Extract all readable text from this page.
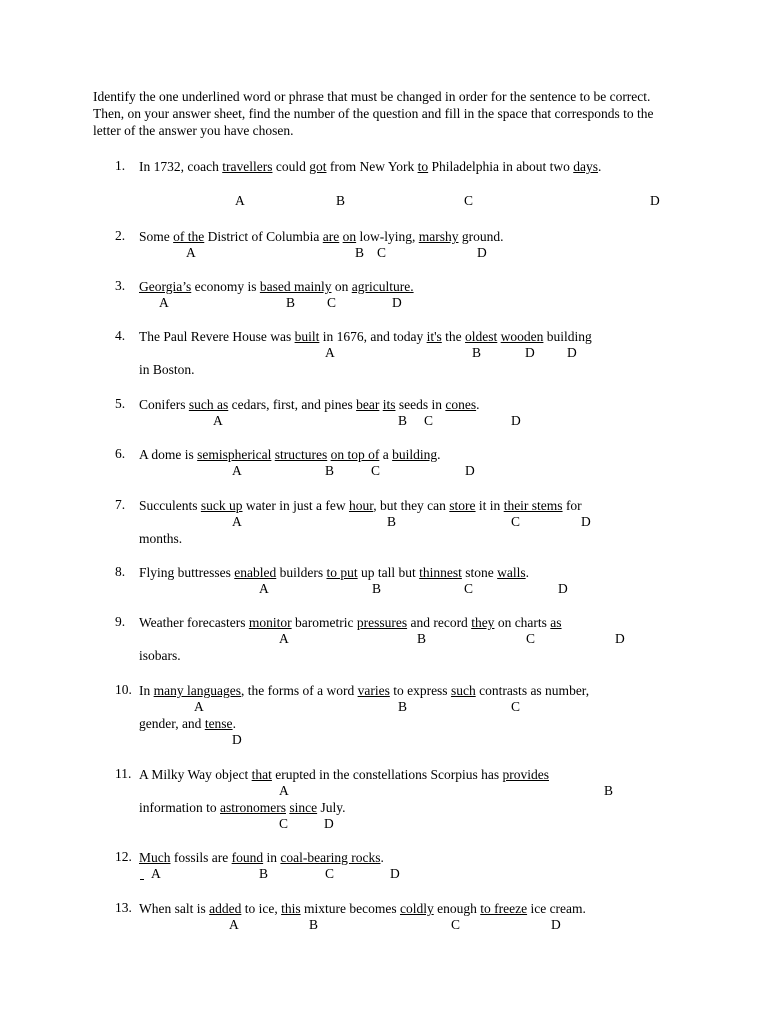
Identify the one underlined word or phrase that must be changed in order for the sentence to be correct. Then, on your answer sheet, find the number of the question and fill in the space that corresponds to the letter of the answer you have chosen.

1.	In 1732, coach travellers could got from New York to Philadelphia in about two days.
A	B	C	D
2.	Some of the District of Columbia are on low-lying, marshy ground.
A	B C	D
3.	Georgia’s economy is based mainly on agriculture.
A	B C	D
4.	The Paul Revere House was built in 1676, and today it's the oldest wooden building
in Boston.
A	B	D D
5.	Conifers such as cedars, first, and pines bear its seeds in cones.
A	B C	D
6.	A dome is semispherical structures on top of a building.
A	B	C	D
7.	Succulents suck up water in just a few hour, but they can store it in their stems for
months.
A	B	C	D
8.	Flying buttresses enabled builders to put up tall but thinnest stone walls.
A	B	C	D
9.	Weather forecasters monitor barometric pressures and record they on charts as
isobars.
A	B	C	D
10. In many languages, the forms of a word varies to express such contrasts as number,
gender, and tense.
A	B	C
D
11. A Milky Way object that erupted in the constellations Scorpius has provides
information to astronomers since July.
A	B
C	D
12. Much fossils are found in coal-bearing rocks.
A	B	C	D
13. When salt is added to ice, this mixture becomes coldly enough to freeze ice cream.
A	B	C	D
